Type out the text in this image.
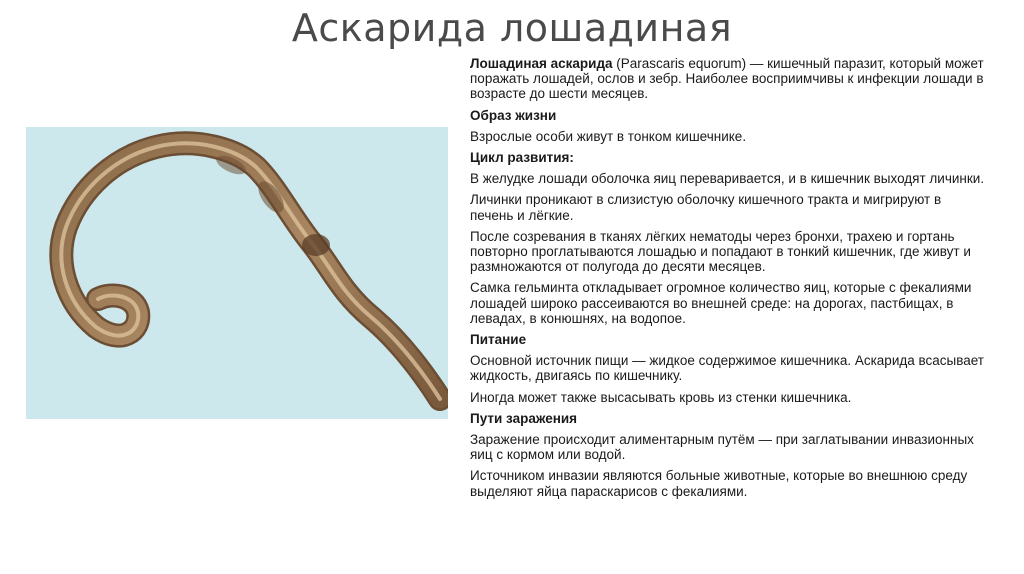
Аскарида лошадиная

Лошадиная аскарида (Parascaris equorum) — кишечный паразит, который может поражать лошадей, ослов и зебр. Наиболее восприимчивы к инфекции лошади в возрасте до шести месяцев.

Образ жизни

Взрослые особи живут в тонком кишечнике.

Цикл развития:

В желудке лошади оболочка яиц переваривается, и в кишечник выходят личинки.

Личинки проникают в слизистую оболочку кишечного тракта и мигрируют в печень и лёгкие.

После созревания в тканях лёгких нематоды через бронхи, трахею и гортань повторно проглатываются лошадью и попадают в тонкий кишечник, где живут и размножаются от полугода до десяти месяцев.

Самка гельминта откладывает огромное количество яиц, которые с фекалиями лошадей широко рассеиваются во внешней среде: на дорогах, пастбищах, в левадах, в конюшнях, на водопое.

Питание

Основной источник пищи — жидкое содержимое кишечника. Аскарида всасывает жидкость, двигаясь по кишечнику.

Иногда может также высасывать кровь из стенки кишечника.

Пути заражения

Заражение происходит алиментарным путём — при заглатывании инвазионных яиц с кормом или водой.

Источником инвазии являются больные животные, которые во внешнюю среду выделяют яйца параскарисов с фекалиями.
